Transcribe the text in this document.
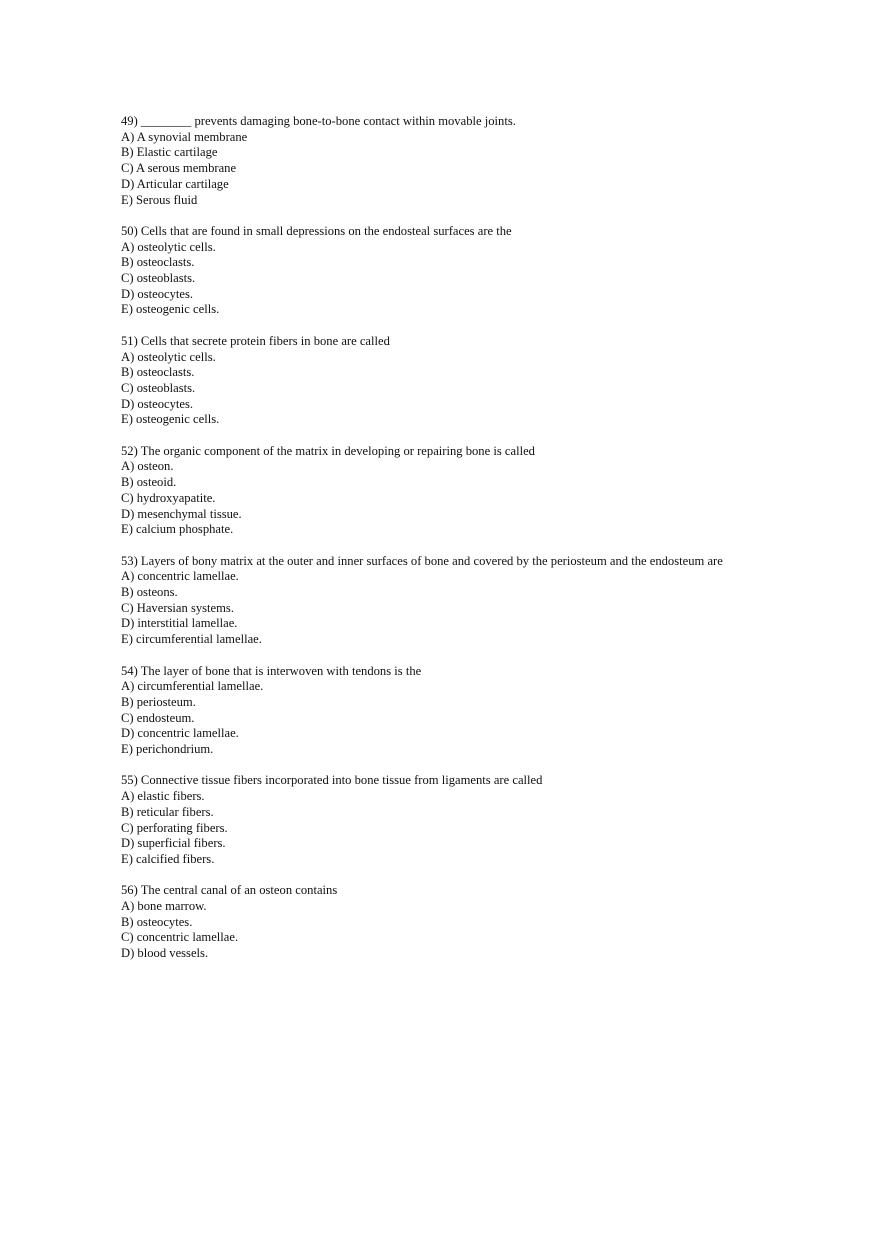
49) ________ prevents damaging bone-to-bone contact within movable joints.
A) A synovial membrane
B) Elastic cartilage
C) A serous membrane
D) Articular cartilage
E) Serous fluid
50) Cells that are found in small depressions on the endosteal surfaces are the
A) osteolytic cells.
B) osteoclasts.
C) osteoblasts.
D) osteocytes.
E) osteogenic cells.
51) Cells that secrete protein fibers in bone are called
A) osteolytic cells.
B) osteoclasts.
C) osteoblasts.
D) osteocytes.
E) osteogenic cells.
52) The organic component of the matrix in developing or repairing bone is called
A) osteon.
B) osteoid.
C) hydroxyapatite.
D) mesenchymal tissue.
E) calcium phosphate.
53) Layers of bony matrix at the outer and inner surfaces of bone and covered by the periosteum and the endosteum are
A) concentric lamellae.
B) osteons.
C) Haversian systems.
D) interstitial lamellae.
E) circumferential lamellae.
54) The layer of bone that is interwoven with tendons is the
A) circumferential lamellae.
B) periosteum.
C) endosteum.
D) concentric lamellae.
E) perichondrium.
55) Connective tissue fibers incorporated into bone tissue from ligaments are called
A) elastic fibers.
B) reticular fibers.
C) perforating fibers.
D) superficial fibers.
E) calcified fibers.
56) The central canal of an osteon contains
A) bone marrow.
B) osteocytes.
C) concentric lamellae.
D) blood vessels.
